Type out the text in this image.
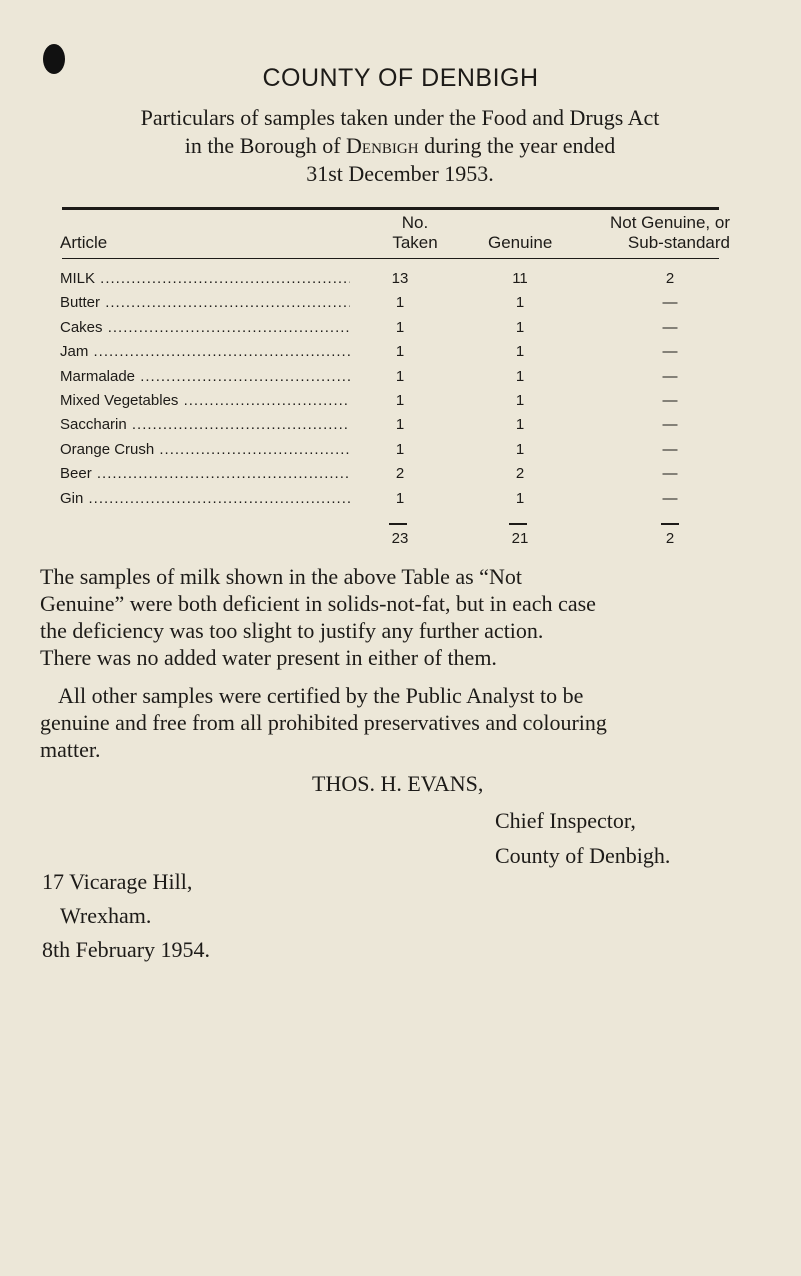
COUNTY OF DENBIGH
Particulars of samples taken under the Food and Drugs Act
in the Borough of Denbigh during the year ended
31st December 1953.
Article
No.
Taken	Genuine
Not Genuine, or
Sub-standard
MILK .....	13	11	2
Butter .....	1	1	—
Cakes .....	1	1	—
Jam .....	1	1	—
Marmalade .....	1	1	—
Mixed Vegetables .....	1	1	—
Saccharin .....	1	1	—
Orange Crush .....	1	1	—
Beer .....	2	2	—
Gin .....	1	1	—
23	21	2
The samples of milk shown in the above Table as “Not
Genuine” were both deficient in solids-not-fat, but in each case
the deficiency was too slight to justify any further action.
There was no added water present in either of them.
All other samples were certified by the Public Analyst to be
genuine and free from all prohibited preservatives and colouring
matter.
THOS. H. EVANS,
Chief Inspector,
County of Denbigh.
17 Vicarage Hill,
Wrexham.
8th February 1954.
